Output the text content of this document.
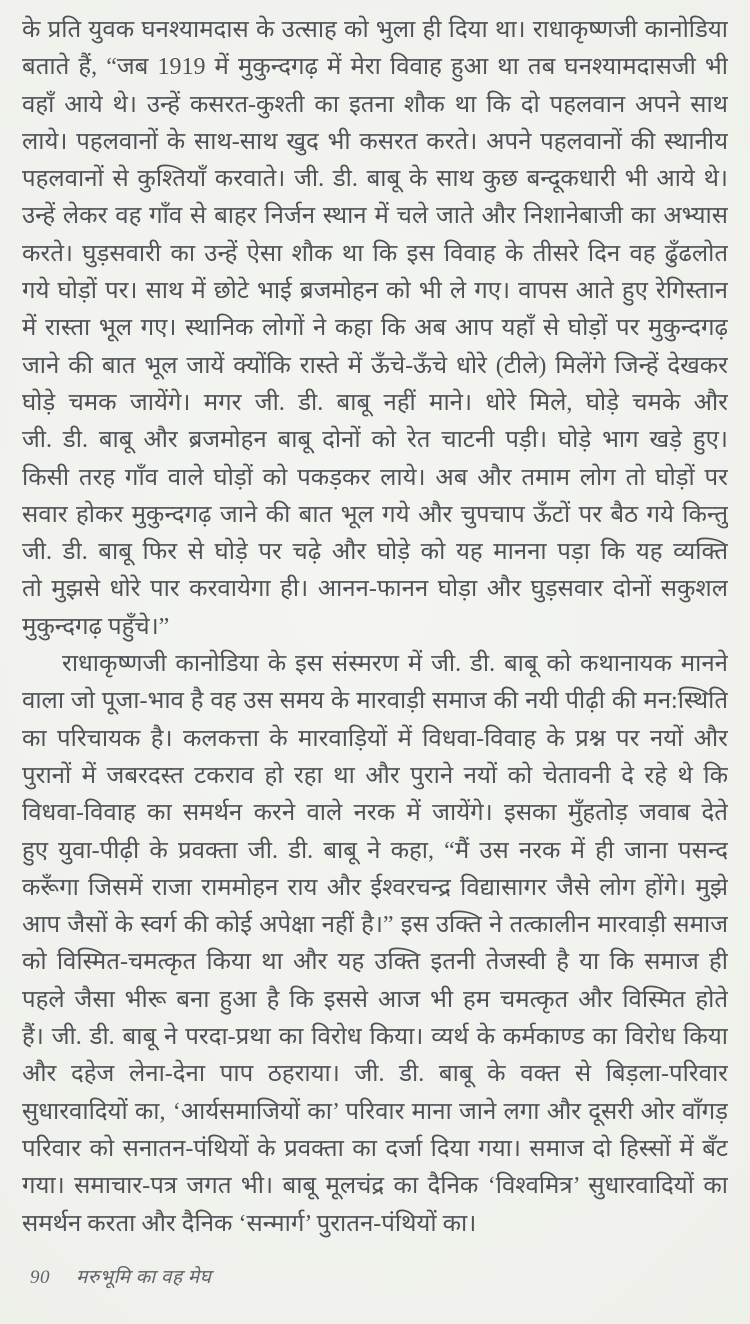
के प्रति युवक घनश्यामदास के उत्साह को भुला ही दिया था। राधाकृष्णजी कानोडिया
बताते हैं, “जब 1919 में मुकुन्दगढ़ में मेरा विवाह हुआ था तब घनश्यामदासजी भी
वहाँ आये थे। उन्हें कसरत-कुश्ती का इतना शौक था कि दो पहलवान अपने साथ
लाये। पहलवानों के साथ-साथ खुद भी कसरत करते। अपने पहलवानों की स्थानीय
पहलवानों से कुश्तियाँ करवाते। जी. डी. बाबू के साथ कुछ बन्दूकधारी भी आये थे।
उन्हें लेकर वह गाँव से बाहर निर्जन स्थान में चले जाते और निशानेबाजी का अभ्यास
करते। घुड़सवारी का उन्हें ऐसा शौक था कि इस विवाह के तीसरे दिन वह ढुँढलोत
गये घोड़ों पर। साथ में छोटे भाई ब्रजमोहन को भी ले गए। वापस आते हुए रेगिस्तान
में रास्ता भूल गए। स्थानिक लोगों ने कहा कि अब आप यहाँ से घोड़ों पर मुकुन्दगढ़
जाने की बात भूल जायें क्योंकि रास्ते में ऊँचे-ऊँचे धोरे (टीले) मिलेंगे जिन्हें देखकर
घोड़े चमक जायेंगे। मगर जी. डी. बाबू नहीं माने। धोरे मिले, घोड़े चमके और
जी. डी. बाबू और ब्रजमोहन बाबू दोनों को रेत चाटनी पड़ी। घोड़े भाग खड़े हुए।
किसी तरह गाँव वाले घोड़ों को पकड़कर लाये। अब और तमाम लोग तो घोड़ों पर
सवार होकर मुकुन्दगढ़ जाने की बात भूल गये और चुपचाप ऊँटों पर बैठ गये किन्तु
जी. डी. बाबू फिर से घोड़े पर चढ़े और घोड़े को यह मानना पड़ा कि यह व्यक्ति
तो मुझसे धोरे पार करवायेगा ही। आनन-फानन घोड़ा और घुड़सवार दोनों सकुशल
मुकुन्दगढ़ पहुँचे।”
राधाकृष्णजी कानोडिया के इस संस्मरण में जी. डी. बाबू को कथानायक मानने
वाला जो पूजा-भाव है वह उस समय के मारवाड़ी समाज की नयी पीढ़ी की मन:स्थिति
का परिचायक है। कलकत्ता के मारवाड़ियों में विधवा-विवाह के प्रश्न पर नयों और
पुरानों में जबरदस्त टकराव हो रहा था और पुराने नयों को चेतावनी दे रहे थे कि
विधवा-विवाह का समर्थन करने वाले नरक में जायेंगे। इसका मुँहतोड़ जवाब देते
हुए युवा-पीढ़ी के प्रवक्ता जी. डी. बाबू ने कहा, “मैं उस नरक में ही जाना पसन्द
करूँगा जिसमें राजा राममोहन राय और ईश्वरचन्द्र विद्यासागर जैसे लोग होंगे। मुझे
आप जैसों के स्वर्ग की कोई अपेक्षा नहीं है।” इस उक्ति ने तत्कालीन मारवाड़ी समाज
को विस्मित-चमत्कृत किया था और यह उक्ति इतनी तेजस्वी है या कि समाज ही
पहले जैसा भीरू बना हुआ है कि इससे आज भी हम चमत्कृत और विस्मित होते
हैं। जी. डी. बाबू ने परदा-प्रथा का विरोध किया। व्यर्थ के कर्मकाण्ड का विरोध किया
और दहेज लेना-देना पाप ठहराया। जी. डी. बाबू के वक्त से बिड़ला-परिवार
सुधारवादियों का, ‘आर्यसमाजियों का’ परिवार माना जाने लगा और दूसरी ओर वाँगड़
परिवार को सनातन-पंथियों के प्रवक्ता का दर्जा दिया गया। समाज दो हिस्सों में बँट
गया। समाचार-पत्र जगत भी। बाबू मूलचंद्र का दैनिक ‘विश्वमित्र’ सुधारवादियों का
समर्थन करता और दैनिक ‘सन्मार्ग’ पुरातन-पंथियों का।
90 मरुभूमि का वह मेघ
